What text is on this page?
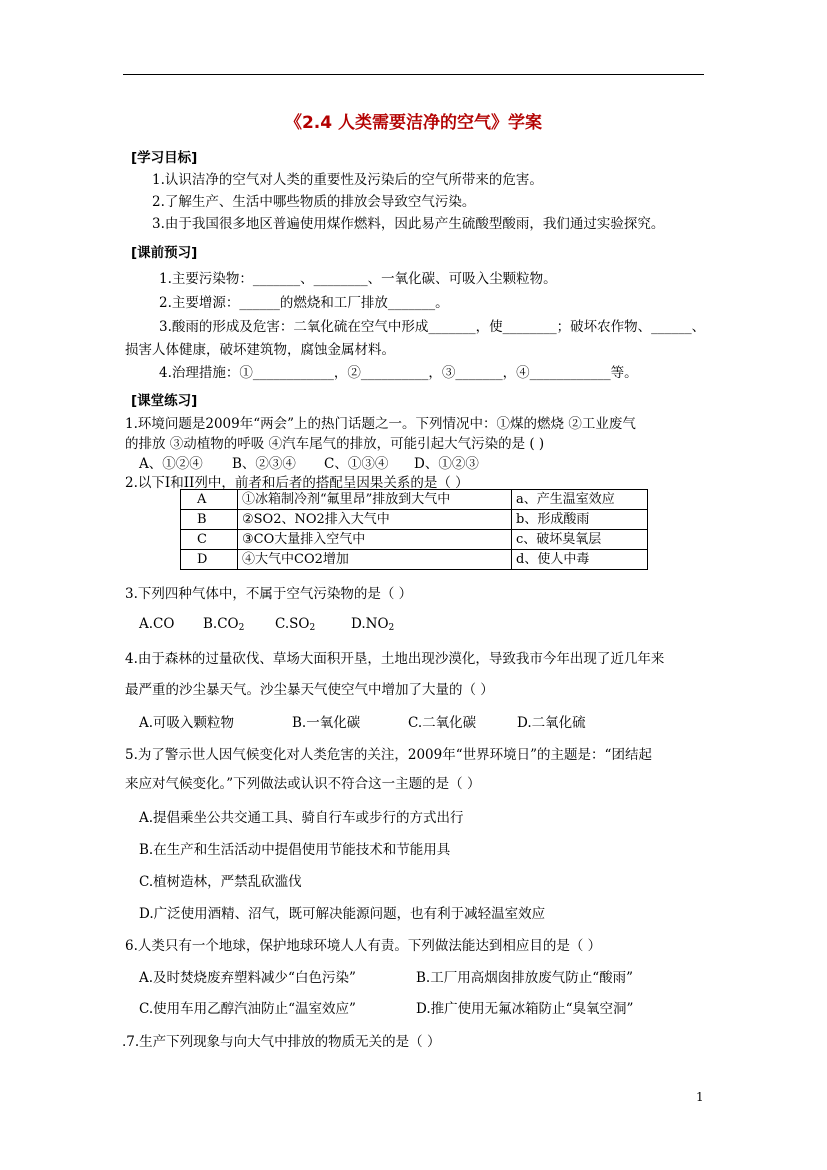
《2.4 人类需要洁净的空气》学案
[学习目标]
1.认识洁净的空气对人类的重要性及污染后的空气所带来的危害。
2.了解生产、生活中哪些物质的排放会导致空气污染。
3.由于我国很多地区普遍使用煤作燃料，因此易产生硫酸型酸雨，我们通过实验探究。
[课前预习]
1.主要污染物：_______、________、一氧化碳、可吸入尘颗粒物。
2.主要增源：______的燃烧和工厂排放_______。
3.酸雨的形成及危害：二氧化硫在空气中形成_______，使________；破坏农作物、______、
损害人体健康，破坏建筑物，腐蚀金属材料。
4.治理措施：①____________，②__________，③_______，④____________等。
[课堂练习]
1.环境问题是2009年“两会”上的热门话题之一。下列情况中：①煤的燃烧 ②工业废气
的排放 ③动植物的呼吸 ④汽车尾气的排放，可能引起大气污染的是 ( )
A、①②④ B、②③④ C、①③④ D、①②③
2.以下I和II列中，前者和后者的搭配呈因果关系的是（ ）
A	①冰箱制冷剂“氟里昂”排放到大气中	a、产生温室效应
B	②SO2、NO2排入大气中	b、形成酸雨
C	③CO大量排入空气中	c、破坏臭氧层
D	④大气中CO2增加	d、使人中毒
3.下列四种气体中，不属于空气污染物的是（ ）
A.CO $B.CO_2$ $C.SO_2$	$D.NO_2$
4.由于森林的过量砍伐、草场大面积开垦，土地出现沙漠化，导致我市今年出现了近几年来
最严重的沙尘暴天气。沙尘暴天气使空气中增加了大量的（ ）
A.可吸入颗粒物	B.一氧化碳	C.二氧化碳	D.二氧化硫
5.为了警示世人因气候变化对人类危害的关注，2009年“世界环境日”的主题是：“团结起
来应对气候变化。”下列做法或认识不符合这一主题的是（ ）
A.提倡乘坐公共交通工具、骑自行车或步行的方式出行
B.在生产和生活活动中提倡使用节能技术和节能用具
C.植树造林，严禁乱砍滥伐
D.广泛使用酒精、沼气，既可解决能源问题，也有利于减轻温室效应
6.人类只有一个地球，保护地球环境人人有责。下列做法能达到相应目的是（ ）
A.及时焚烧废弃塑料减少“白色污染”	B.工厂用高烟囱排放废气防止“酸雨”
C.使用车用乙醇汽油防止“温室效应”	D.推广使用无氟冰箱防止“臭氧空洞”
.7.生产下列现象与向大气中排放的物质无关的是（ ）
1
